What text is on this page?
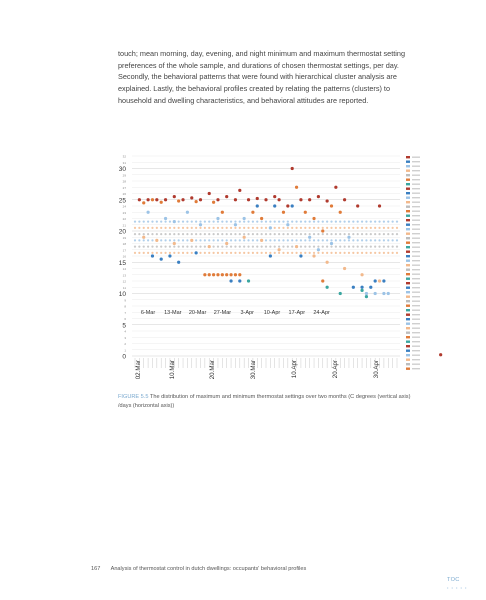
touch; mean morning, day, evening, and night minimum and maximum thermostat setting preferences of the whole sample, and durations of chosen thermostat settings, per day. Secondly, the behavioral patterns that were found with hierarchical cluster analysis are explained. Lastly, the behavioral profiles created by relating the patterns (clusters) to household and dwelling characteristics, and behavioral attitudes are reported.

0
5
10
15
20
25
30
1
2
3
4
6
7
8
9
11
12
13
14
16
17
18
19
21
22
23
24
26
27
28
29
31
32
6-Mar 13-Mar 20-Mar 27-Mar 3-Apr 10-Apr 17-Apr 24-Apr
02.Mar	10.Mar	20.Mar	30.Mar	10.Apr	20.Apr	30.Apr

FIGURE 5.5 The distribution of maximum and minimum thermostat settings over two months (C degrees (vertical axis) /days (horizontal axis))

167 Analysis of thermostat control in dutch dwellings: occupants' behavioral profiles
TOC
• • • • •
